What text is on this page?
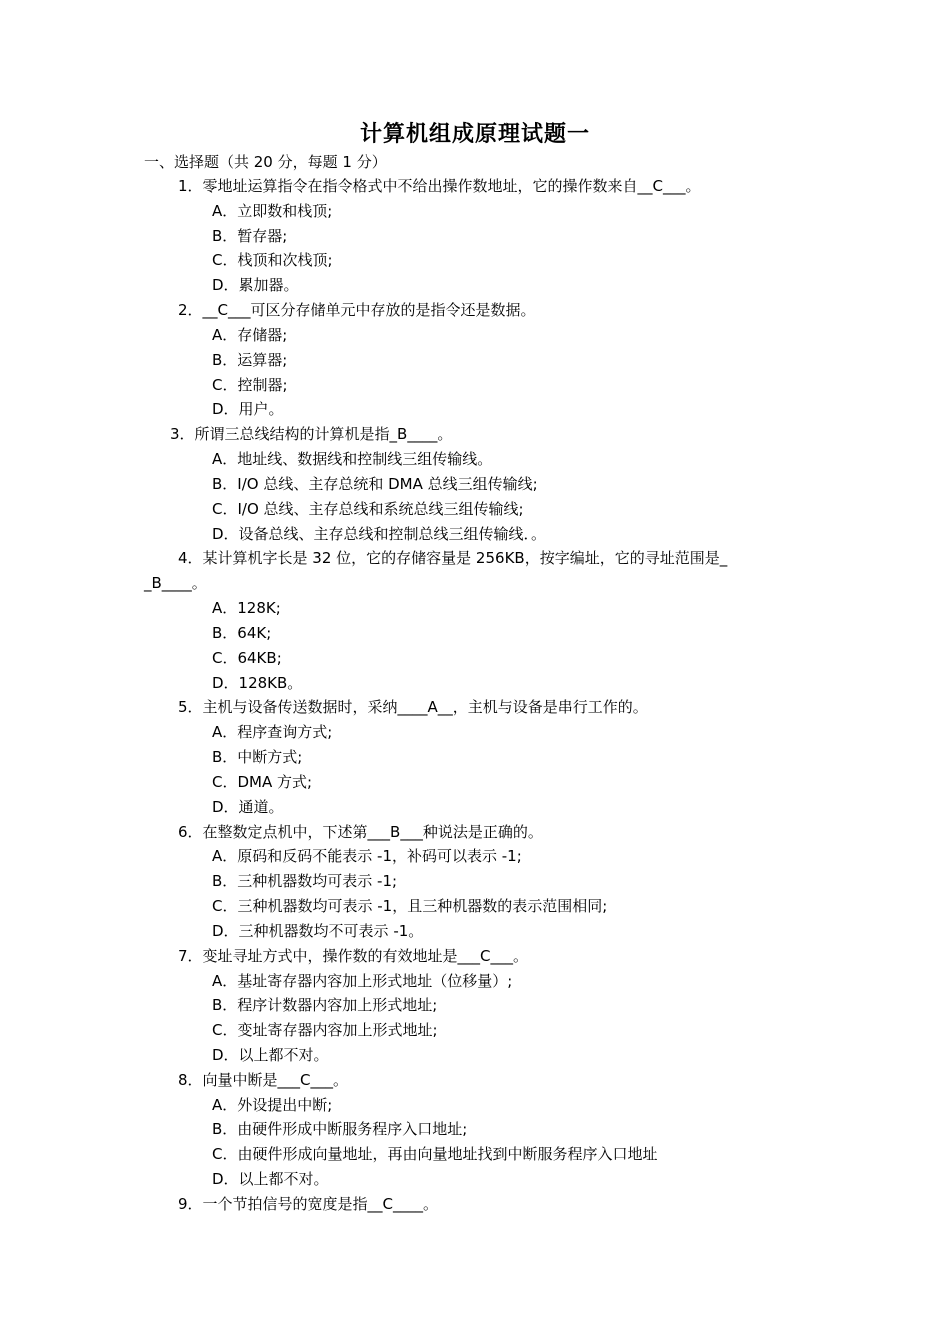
计算机组成原理试题一
一、选择题（共 20 分，每题 1 分）
1．零地址运算指令在指令格式中不给出操作数地址，它的操作数来自__C___。
A．立即数和栈顶;
B．暂存器;
C．栈顶和次栈顶;
D．累加器。
2．__C___可区分存储单元中存放的是指令还是数据。
A．存储器;
B．运算器;
C．控制器;
D．用户。
3．所谓三总线结构的计算机是指_B____。
A．地址线、数据线和控制线三组传输线。
B．I/O 总线、主存总统和 DMA 总线三组传输线;
C．I/O 总线、主存总线和系统总线三组传输线;
D．设备总线、主存总线和控制总线三组传输线．。
4．某计算机字长是 32 位，它的存储容量是 256KB，按字编址，它的寻址范围是_
_B____。
A．128K;
B．64K;
C．64KB;
D．128KB。
5．主机与设备传送数据时，采纳____A__，主机与设备是串行工作的。
A．程序查询方式;
B．中断方式;
C．DMA 方式;
D．通道。
6．在整数定点机中，下述第___B___种说法是正确的。
A．原码和反码不能表示 -1，补码可以表示 -1;
B．三种机器数均可表示 -1;
C．三种机器数均可表示 -1，且三种机器数的表示范围相同;
D．三种机器数均不可表示 -1。
7．变址寻址方式中，操作数的有效地址是___C___。
A．基址寄存器内容加上形式地址（位移量）;
B．程序计数器内容加上形式地址;
C．变址寄存器内容加上形式地址;
D．以上都不对。
8．向量中断是___C___。
A．外设提出中断;
B．由硬件形成中断服务程序入口地址;
C．由硬件形成向量地址，再由向量地址找到中断服务程序入口地址
D．以上都不对。
9．一个节拍信号的宽度是指__C____。
